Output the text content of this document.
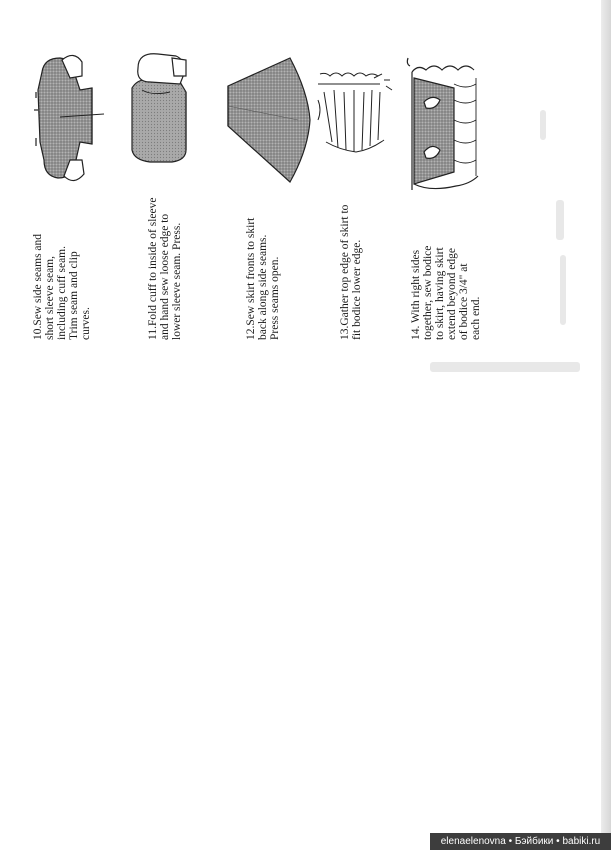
10.Sew side seams and
short sleeve seam,
including cuff seam.
Trim seam and clip
curves.	11.Fold cuff to inside of sleeve
and hand sew loose edge to
lower sleeve seam. Press.
12.Sew skirt fronts to skirt
back along side seams.
Press seams open.
13.Gather top edge of skirt to
fit bodice lower edge.
14. With right sides
together, sew bodice
to skirt, having skirt
extend beyond edge
of bodice 3/4" at
each end.
elenaelenovna • Бэйбики • babiki.ru
